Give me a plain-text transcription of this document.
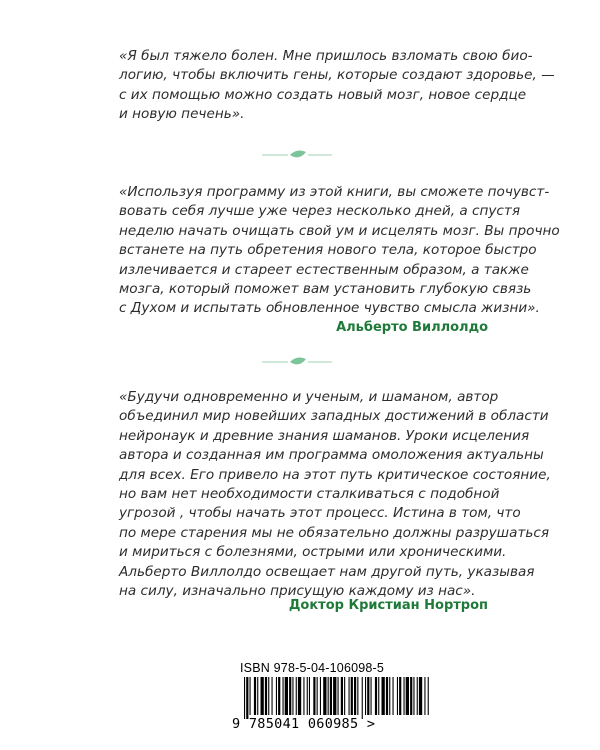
«Я был тяжело болен. Мне пришлось взломать свою био-
логию, чтобы включить гены, которые создают здоровье, —
с их помощью можно создать новый мозг, новое сердце
и новую печень».
«Используя программу из этой книги, вы сможете почувст-
вовать себя лучше уже через несколько дней, а спустя
неделю начать очищать свой ум и исцелять мозг. Вы прочно
встанете на путь обретения нового тела, которое быстро
излечивается и стареет естественным образом, а также
мозга, который поможет вам установить глубокую связь
с Духом и испытать обновленное чувство смысла жизни».
Альберто Виллолдо
«Будучи одновременно и ученым, и шаманом, автор
объединил мир новейших западных достижений в области
нейронаук и древние знания шаманов. Уроки исцеления
автора и созданная им программа омоложения актуальны
для всех. Его привело на этот путь критическое состояние,
но вам нет необходимости сталкиваться с подобной
угрозой , чтобы начать этот процесс. Истина в том, что
по мере старения мы не обязательно должны разрушаться
и мириться с болезнями, острыми или хроническими.
Альберто Виллолдо освещает нам другой путь, указывая
на силу, изначально присущую каждому из нас».
Доктор Кристиан Нортроп
ISBN 978-5-04-106098-5
9 785041 060985 >
